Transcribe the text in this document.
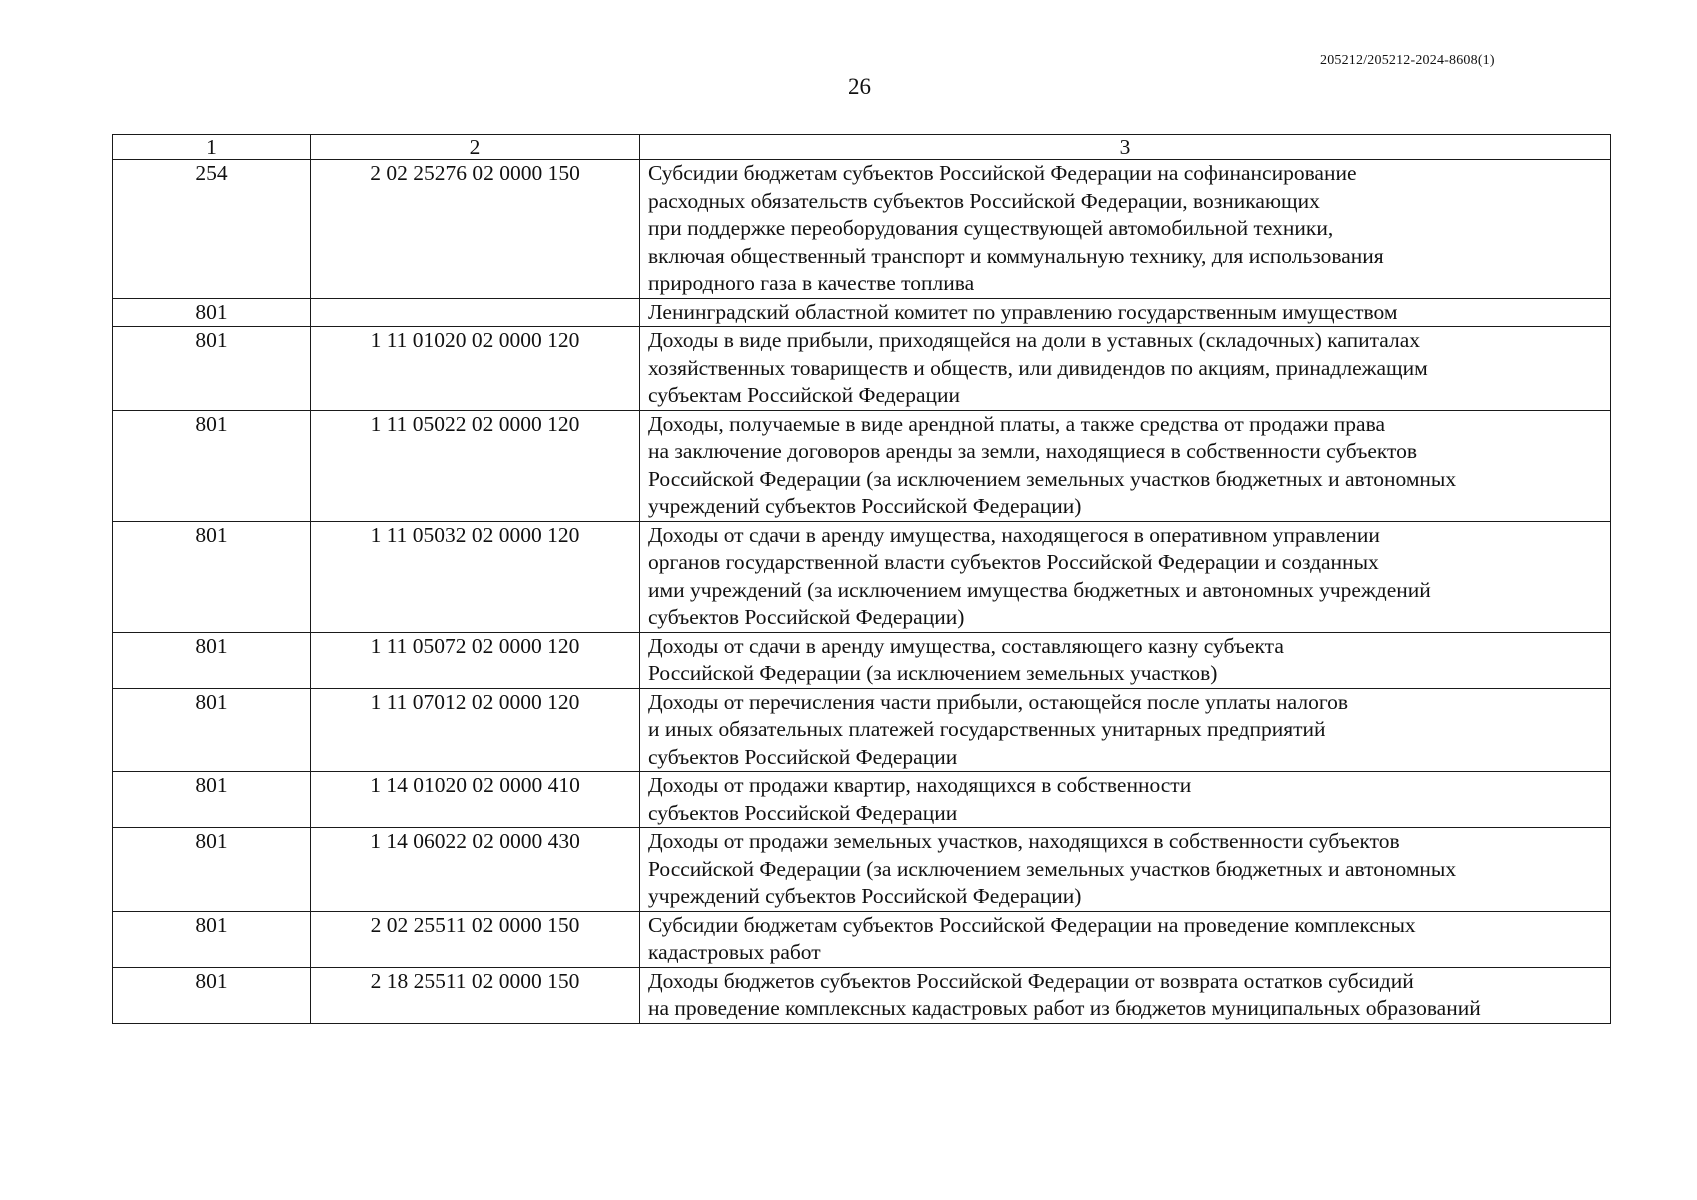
205212/205212-2024-8608(1)
26
1	2	3
254	2 02 25276 02 0000 150	Субсидии бюджетам субъектов Российской Федерации на софинансирование
расходных обязательств субъектов Российской Федерации, возникающих
при поддержке переоборудования существующей автомобильной техники,
включая общественный транспорт и коммунальную технику, для использования
природного газа в качестве топлива

801		Ленинградский областной комитет по управлению государственным имуществом

801	1 11 01020 02 0000 120	Доходы в виде прибыли, приходящейся на доли в уставных (складочных) капиталах
хозяйственных товариществ и обществ, или дивидендов по акциям, принадлежащим
субъектам Российской Федерации

801	1 11 05022 02 0000 120	Доходы, получаемые в виде арендной платы, а также средства от продажи права
на заключение договоров аренды за земли, находящиеся в собственности субъектов
Российской Федерации (за исключением земельных участков бюджетных и автономных
учреждений субъектов Российской Федерации)

801	1 11 05032 02 0000 120	Доходы от сдачи в аренду имущества, находящегося в оперативном управлении
органов государственной власти субъектов Российской Федерации и созданных
ими учреждений (за исключением имущества бюджетных и автономных учреждений
субъектов Российской Федерации)

801	1 11 05072 02 0000 120	Доходы от сдачи в аренду имущества, составляющего казну субъекта
Российской Федерации (за исключением земельных участков)

801	1 11 07012 02 0000 120	Доходы от перечисления части прибыли, остающейся после уплаты налогов
и иных обязательных платежей государственных унитарных предприятий
субъектов Российской Федерации

801	1 14 01020 02 0000 410	Доходы от продажи квартир, находящихся в собственности
субъектов Российской Федерации

801	1 14 06022 02 0000 430	Доходы от продажи земельных участков, находящихся в собственности субъектов
Российской Федерации (за исключением земельных участков бюджетных и автономных
учреждений субъектов Российской Федерации)

801	2 02 25511 02 0000 150	Субсидии бюджетам субъектов Российской Федерации на проведение комплексных
кадастровых работ

801	2 18 25511 02 0000 150	Доходы бюджетов субъектов Российской Федерации от возврата остатков субсидий
на проведение комплексных кадастровых работ из бюджетов муниципальных образований
